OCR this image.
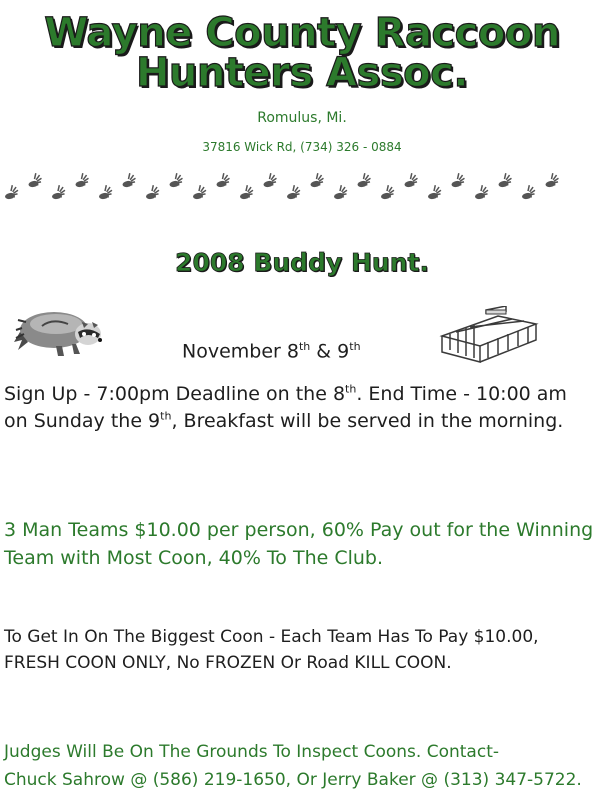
Wayne County Raccoon
Hunters Assoc.
Romulus, Mi.
37816 Wick Rd, (734) 326 - 0884
2008 Buddy Hunt.
November 8th & 9th
Sign Up - 7:00pm Deadline on the 8th. End Time - 10:00 am on Sunday the 9th, Breakfast will be served in the morning.
3 Man Teams $10.00 per person, 60% Pay out for the Winning Team with Most Coon, 40% To The Club.
To Get In On The Biggest Coon - Each Team Has To Pay $10.00, FRESH COON ONLY, No FROZEN Or Road KILL COON.
Judges Will Be On The Grounds To Inspect Coons. Contact-
Chuck Sahrow @ (586) 219-1650, Or Jerry Baker @ (313) 347-5722.
